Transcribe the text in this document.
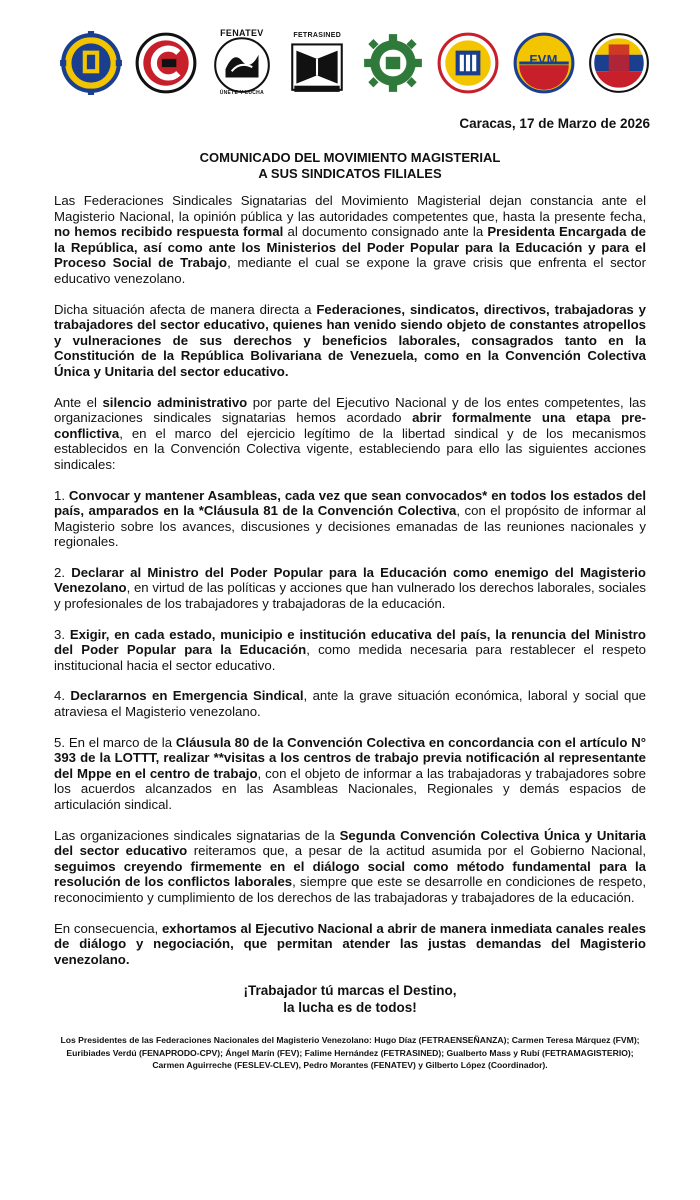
FENATEV
ÚNETE Y LUCHA
FETRASINED
FVM
Caracas, 17 de Marzo de 2026
COMUNICADO DEL MOVIMIENTO MAGISTERIAL
A SUS SINDICATOS FILIALES

Las Federaciones Sindicales Signatarias del Movimiento Magisterial dejan constancia ante el Magisterio Nacional, la opinión pública y las autoridades competentes que, hasta la presente fecha, no hemos recibido respuesta formal al documento consignado ante la Presidenta Encargada de la República, así como ante los Ministerios del Poder Popular para la Educación y para el Proceso Social de Trabajo, mediante el cual se expone la grave crisis que enfrenta el sector educativo venezolano.

Dicha situación afecta de manera directa a Federaciones, sindicatos, directivos, trabajadoras y trabajadores del sector educativo, quienes han venido siendo objeto de constantes atropellos y vulneraciones de sus derechos y beneficios laborales, consagrados tanto en la Constitución de la República Bolivariana de Venezuela, como en la Convención Colectiva Única y Unitaria del sector educativo.

Ante el silencio administrativo por parte del Ejecutivo Nacional y de los entes competentes, las organizaciones sindicales signatarias hemos acordado abrir formalmente una etapa pre-conflictiva, en el marco del ejercicio legítimo de la libertad sindical y de los mecanismos establecidos en la Convención Colectiva vigente, estableciendo para ello las siguientes acciones sindicales:

1. Convocar y mantener Asambleas, cada vez que sean convocados* en todos los estados del país, amparados en la *Cláusula 81 de la Convención Colectiva, con el propósito de informar al Magisterio sobre los avances, discusiones y decisiones emanadas de las reuniones nacionales y regionales.

2. Declarar al Ministro del Poder Popular para la Educación como enemigo del Magisterio Venezolano, en virtud de las políticas y acciones que han vulnerado los derechos laborales, sociales y profesionales de los trabajadores y trabajadoras de la educación.

3. Exigir, en cada estado, municipio e institución educativa del país, la renuncia del Ministro del Poder Popular para la Educación, como medida necesaria para restablecer el respeto institucional hacia el sector educativo.

4. Declararnos en Emergencia Sindical, ante la grave situación económica, laboral y social que atraviesa el Magisterio venezolano.

5. En el marco de la Cláusula 80 de la Convención Colectiva en concordancia con el artículo N° 393 de la LOTTT, realizar **visitas a los centros de trabajo previa notificación al representante del Mppe en el centro de trabajo, con el objeto de informar a las trabajadoras y trabajadores sobre los acuerdos alcanzados en las Asambleas Nacionales, Regionales y demás espacios de articulación sindical.

Las organizaciones sindicales signatarias de la Segunda Convención Colectiva Única y Unitaria del sector educativo reiteramos que, a pesar de la actitud asumida por el Gobierno Nacional, seguimos creyendo firmemente en el diálogo social como método fundamental para la resolución de los conflictos laborales, siempre que este se desarrolle en condiciones de respeto, reconocimiento y cumplimiento de los derechos de las trabajadoras y trabajadores de la educación.

En consecuencia, exhortamos al Ejecutivo Nacional a abrir de manera inmediata canales reales de diálogo y negociación, que permitan atender las justas demandas del Magisterio venezolano.

¡Trabajador tú marcas el Destino,
la lucha es de todos!
Los Presidentes de las Federaciones Nacionales del Magisterio Venezolano: Hugo Díaz (FETRAENSEÑANZA); Carmen Teresa Márquez (FVM); Euribiades Verdú (FENAPRODO-CPV); Ángel Marín (FEV); Falime Hernández (FETRASINED); Gualberto Mass y Rubí (FETRAMAGISTERIO); Carmen Aguirreche (FESLEV-CLEV), Pedro Morantes (FENATEV) y Gilberto López (Coordinador).
